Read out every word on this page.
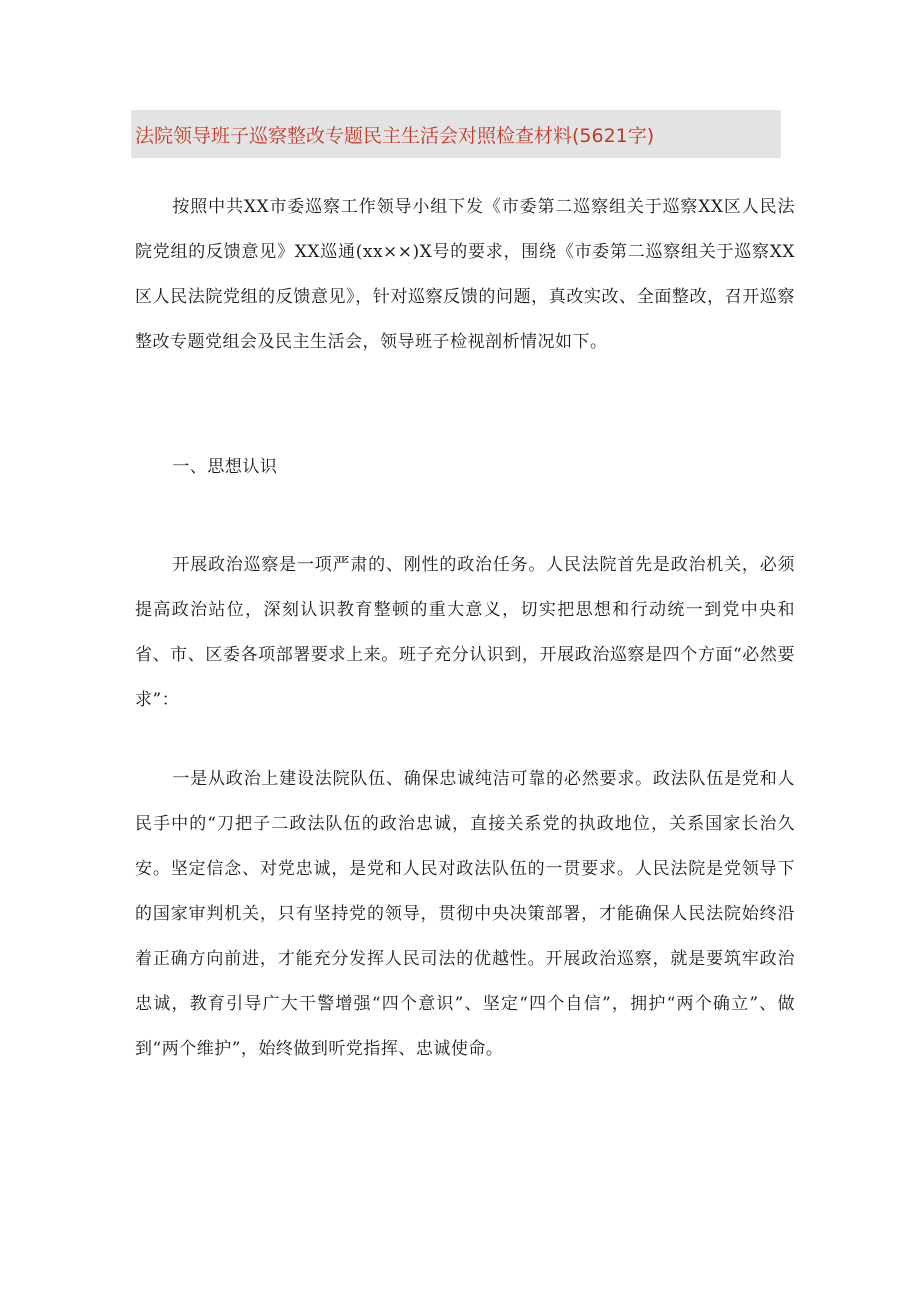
法院领导班子巡察整改专题民主生活会对照检查材料(5621字)

按照中共XX市委巡察工作领导小组下发《市委第二巡察组关于巡察XX区人民法院党组的反馈意见》XX巡通(xx××)X号的要求，围绕《市委第二巡察组关于巡察XX区人民法院党组的反馈意见》，针对巡察反馈的问题，真改实改、全面整改，召开巡察整改专题党组会及民主生活会，领导班子检视剖析情况如下。

一、思想认识

开展政治巡察是一项严肃的、刚性的政治任务。人民法院首先是政治机关，必须提高政治站位，深刻认识教育整顿的重大意义，切实把思想和行动统一到党中央和省、市、区委各项部署要求上来。班子充分认识到，开展政治巡察是四个方面“必然要求”：

一是从政治上建设法院队伍、确保忠诚纯洁可靠的必然要求。政法队伍是党和人民手中的“刀把子二政法队伍的政治忠诚，直接关系党的执政地位，关系国家长治久安。坚定信念、对党忠诚，是党和人民对政法队伍的一贯要求。人民法院是党领导下的国家审判机关，只有坚持党的领导，贯彻中央决策部署，才能确保人民法院始终沿着正确方向前进，才能充分发挥人民司法的优越性。开展政治巡察，就是要筑牢政治忠诚，教育引导广大干警增强“四个意识”、坚定“四个自信”，拥护“两个确立”、做到“两个维护”，始终做到听党指挥、忠诚使命。
